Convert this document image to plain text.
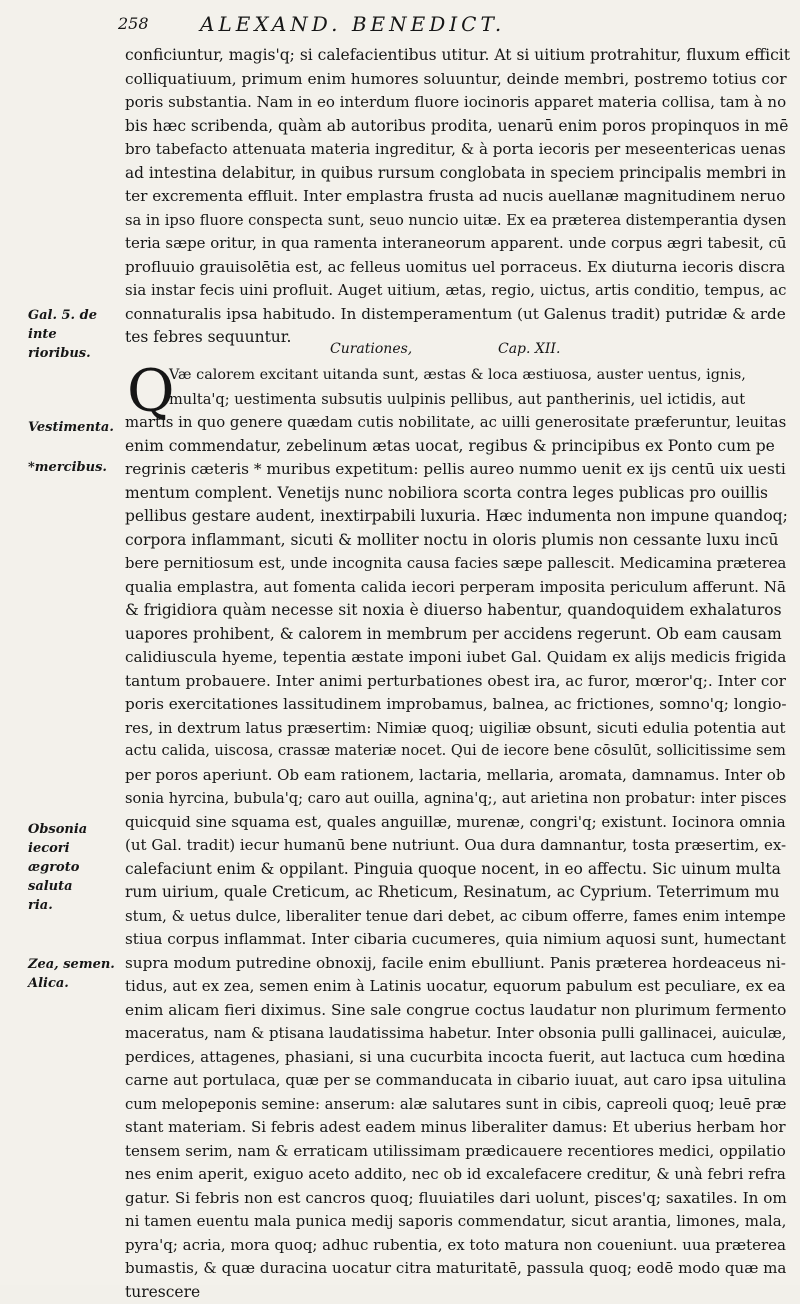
258	ALEXAND. BENEDICT.
conficiuntur, magis'q; si calefacientibus utitur. At si uitium protrahitur, fluxum efficit
colliquatiuum, primum enim humores soluuntur, deinde membri, postremo totius cor
poris substantia. Nam in eo interdum fluore iocinoris apparet materia collisa, tam à no
bis hæc scribenda, quàm ab autoribus prodita, uenarū enim poros propinquos in mē
bro tabefacto attenuata materia ingreditur, & à porta iecoris per meseentericas uenas
ad intestina delabitur, in quibus rursum conglobata in speciem principalis membri in
ter excrementa effluit. Inter emplastra frusta ad nucis auellanæ magnitudinem neruo
sa in ipso fluore conspecta sunt, seuo nuncio uitæ. Ex ea præterea distemperantia dysen
teria sæpe oritur, in qua ramenta interaneorum apparent. unde corpus ægri tabesit, cū
profluuio grauisolētia est, ac felleus uomitus uel porraceus. Ex diuturna iecoris discra
sia instar fecis uini profluit. Auget uitium, ætas, regio, uictus, artis conditio, tempus, ac
connaturalis ipsa habitudo. In distemperamentum (ut Galenus tradit) putridæ & arde
tes febres sequuntur.
Curationes,	Cap. XII.
Q
Væ calorem excitant uitanda sunt, æstas & loca æstiuosa, auster uentus, ignis,
multa'q; uestimenta subsutis uulpinis pellibus, aut pantherinis, uel ictidis, aut
martis in quo genere quædam cutis nobilitate, ac uilli generositate præferuntur, leuitas
enim commendatur, zebelinum ætas uocat, regibus & principibus ex Ponto cum pe
regrinis cæteris * muribus expetitum: pellis aureo nummo uenit ex ijs centū uix uesti
mentum complent. Venetijs nunc nobiliora scorta contra leges publicas pro ouillis
pellibus gestare audent, inextirpabili luxuria. Hæc indumenta non impune quandoq;
corpora inflammant, sicuti & molliter noctu in oloris plumis non cessante luxu incū
bere pernitiosum est, unde incognita causa facies sæpe pallescit. Medicamina præterea
qualia emplastra, aut fomenta calida iecori perperam imposita periculum afferunt. Nā
& frigidiora quàm necesse sit noxia è diuerso habentur, quandoquidem exhalaturos
uapores prohibent, & calorem in membrum per accidens regerunt. Ob eam causam
calidiuscula hyeme, tepentia æstate imponi iubet Gal. Quidam ex alijs medicis frigida
tantum probauere. Inter animi perturbationes obest ira, ac furor, mœror'q;. Inter cor
poris exercitationes lassitudinem improbamus, balnea, ac frictiones, somno'q; longio-
res, in dextrum latus præsertim: Nimiæ quoq; uigiliæ obsunt, sicuti edulia potentia aut
actu calida, uiscosa, crassæ materiæ nocet. Qui de iecore bene cōsulūt, sollicitissime sem
per poros aperiunt. Ob eam rationem, lactaria, mellaria, aromata, damnamus. Inter ob
sonia hyrcina, bubula'q; caro aut ouilla, agnina'q;, aut arietina non probatur: inter pisces
quicquid sine squama est, quales anguillæ, murenæ, congri'q; existunt. Iocinora omnia
(ut Gal. tradit) iecur humanū bene nutriunt. Oua dura damnantur, tosta præsertim, ex-
calefaciunt enim & oppilant. Pinguia quoque nocent, in eo affectu. Sic uinum multa
rum uirium, quale Creticum, ac Rheticum, Resinatum, ac Cyprium. Teterrimum mu
stum, & uetus dulce, liberaliter tenue dari debet, ac cibum offerre, fames enim intempe
stiua corpus inflammat. Inter cibaria cucumeres, quia nimium aquosi sunt, humectant
supra modum putredine obnoxij, facile enim ebulliunt. Panis præterea hordeaceus ni-
tidus, aut ex zea, semen enim à Latinis uocatur, equorum pabulum est peculiare, ex ea
enim alicam fieri diximus. Sine sale congrue coctus laudatur non plurimum fermento
maceratus, nam & ptisana laudatissima habetur. Inter obsonia pulli gallinacei, auiculæ,
perdices, attagenes, phasiani, si una cucurbita incocta fuerit, aut lactuca cum hœdina
carne aut portulaca, quæ per se commanducata in cibario iuuat, aut caro ipsa uitulina
cum melopeponis semine: anserum: alæ salutares sunt in cibis, capreoli quoq; leuē præ
stant materiam. Si febris adest eadem minus liberaliter damus: Et uberius herbam hor
tensem serim, nam & erraticam utilissimam prædicauere recentiores medici, oppilatio
nes enim aperit, exiguo aceto addito, nec ob id excalefacere creditur, & unà febri refra
gatur. Si febris non est cancros quoq; fluuiatiles dari uolunt, pisces'q; saxatiles. In om
ni tamen euentu mala punica medij saporis commendatur, sicut arantia, limones, mala,
pyra'q; acria, mora quoq; adhuc rubentia, ex toto matura non coueniunt. uua præterea
bumastis, & quæ duracina uocatur citra maturitatē, passula quoq; eodē modo quæ ma
turescere
Gal. 5. de inte
rioribus.
Vestimenta.
*mercibus.
Obsonia iecori
ægroto saluta
ria.
Zea, semen.
Alica.
